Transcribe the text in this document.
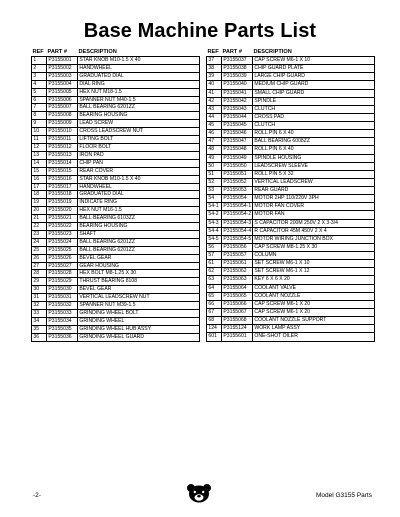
Base Machine Parts List
REF	PART #	DESCRIPTION
1	P3155001	STAR KNOB M10-1.5 X 40
2	P3155002	HANDWHEEL
3	P3155003	GRADUATED DIAL
4	P3155004	DIAL RING
5	P3155005	HEX NUT M18-1.5
6	P3155006	SPANNER NUT M40-1.5
7	P3155007	BALL BEARING 6201ZZ
8	P3155008	BEARING HOUSING
9	P3155009	LEAD SCREW
10	P3155010	CROSS LEADSCREW NUT
11	P3155011	LIFTING BOLT
12	P3155012	FLOOR BOLT
13	P3155013	IRON PAD
14	P3155014	CHIP PAN
15	P3155015	REAR COVER
16	P3155016	STAR KNOB M10-1.5 X 40
17	P3155017	HANDWHEEL
18	P3155018	GRADUATED DIAL
19	P3155019	INDICATE RING
20	P3155020	HEX NUT M16-1.5
21	P3155021	BALL BEARING 6103ZZ
22	P3155022	BEARING HOUSING
23	P3155023	SHAFT
24	P3155024	BALL BEARING 6201ZZ
25	P3155025	BALL BEARING 6201ZZ
26	P3155026	BEVEL GEAR
27	P3155027	GEAR HOUSING
28	P3155028	HEX BOLT M8-1.25 X 30
29	P3155029	THRUST BEARING 8108
30	P3155030	BEVEL GEAR
31	P3155031	VERTICAL LEADSCREW NUT
32	P3155032	SPANNER NUT M39-1.5
33	P3155033	GRINDING WHEEL BOLT
34	P3155034	GRINDING WHEEL
35	P3155035	GRINDING WHEEL HUB ASSY
36	P3155036	GRINDING WHEEL GUARD
REF	PART #	DESCRIPTION
37	P3155037	CAP SCREW M6-1 X 10
38	P3155038	CHIP GUARD PLATE
39	P3155039	LARGE CHIP GUARD
40	P3155040	MEDIUM CHIP GUARD
41	P3155041	SMALL CHIP GUARD
42	P3155042	SPINDLE
43	P3155043	CLUTCH
44	P3155044	CROSS PAD
45	P3155045	CLUTCH
46	P3155046	ROLL PIN 6 X 40
47	P3155047	BALL BEARING 6008ZZ
48	P3155048	ROLL PIN 6 X 40
49	P3155049	SPINDLE HOUSING
50	P3155050	LEADSCREW SLEEVE
51	P3155051	ROLL PIN 5 X 32
52	P3155052	VERTICAL LEADSCREW
53	P3155053	REAR GUARD
54	P3155054	MOTOR 2HP 110/220V 3PH
54-1	P3155054-1	MOTOR FAN COVER
54-2	P3155054-2	MOTOR FAN
54-3	P3155054-3	S CAPACITOR 200M 250V 2 X 3-3/4
54-4	P3155054-4	R CAPACITOR 45M 450V 2 X 4
54-5	P3155054-5	MOTOR WIRING JUNCTION BOX
56	P3155056	CAP SCREW M8-1.25 X 30
57	P3155057	COLUMN
61	P3155061	SET SCREW M6-1 X 10
62	P3155062	SET SCREW M6-1 X 12
63	P3155063	KEY 6 X 6 X 20
64	P3155064	COOLANT VALVE
65	P3155065	COOLANT NOZZLE
66	P3155066	CAP SCREW M6-1 X 20
67	P3155067	CAP SCREW M6-1 X 20
68	P3155068	COOLANT NOZZLE SUPPORT
124	P3155124	WORK LAMP ASSY
601	P3155601	ONE-SHOT OILER
-2-	Model G3155 Parts
